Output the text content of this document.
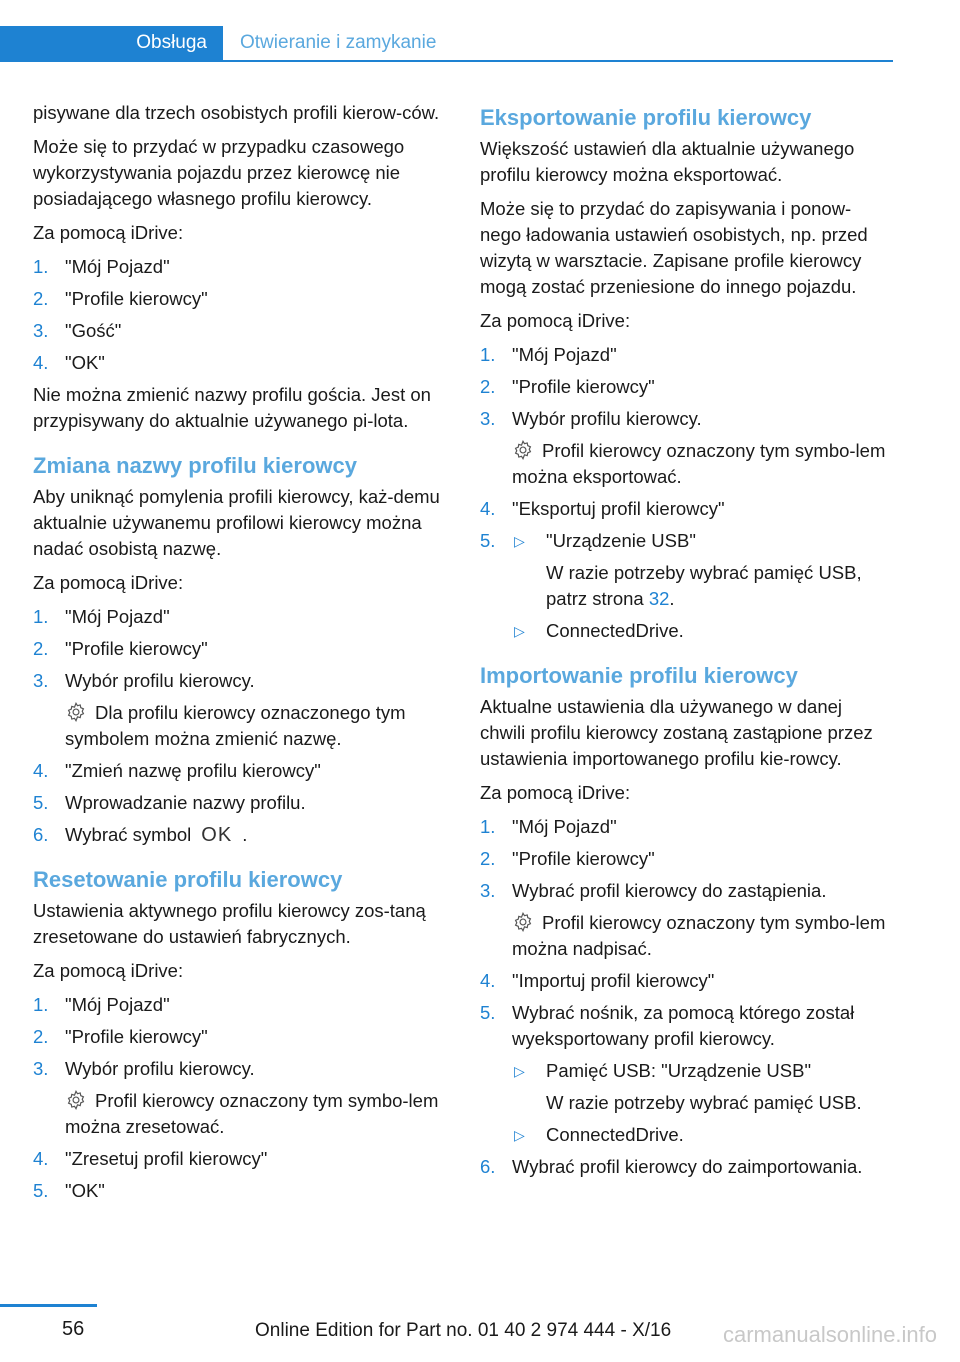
Obsługa	Otwieranie i zamykanie

pisywane dla trzech osobistych profili kierow-ców.

Może się to przydać w przypadku czasowego wykorzystywania pojazdu przez kierowcę nie posiadającego własnego profilu kierowcy.

Za pomocą iDrive:

1. "Mój Pojazd"
2. "Profile kierowcy"
3. "Gość"
4. "OK"

Nie można zmienić nazwy profilu gościa. Jest on przypisywany do aktualnie używanego pi-lota.

Zmiana nazwy profilu kierowcy

Aby uniknąć pomylenia profili kierowcy, każ-demu aktualnie używanemu profilowi kierowcy można nadać osobistą nazwę.

Za pomocą iDrive:

1. "Mój Pojazd"
2. "Profile kierowcy"
3. Wybór profilu kierowcy.
Dla profilu kierowcy oznaczonego tym symbolem można zmienić nazwę.
4. "Zmień nazwę profilu kierowcy"
5. Wprowadzanie nazwy profilu.
6. Wybrać symbol OK .
Resetowanie profilu kierowcy

Ustawienia aktywnego profilu kierowcy zos-taną zresetowane do ustawień fabrycznych.

Za pomocą iDrive:

1. "Mój Pojazd"
2. "Profile kierowcy"
3. Wybór profilu kierowcy.
Profil kierowcy oznaczony tym symbo-lem można zresetować.
4. "Zresetuj profil kierowcy"
5. "OK"
Eksportowanie profilu kierowcy

Większość ustawień dla aktualnie używanego profilu kierowcy można eksportować.

Może się to przydać do zapisywania i ponow-nego ładowania ustawień osobistych, np. przed wizytą w warsztacie. Zapisane profile kierowcy mogą zostać przeniesione do innego pojazdu.

Za pomocą iDrive:

1. "Mój Pojazd"
2. "Profile kierowcy"
3. Wybór profilu kierowcy.
Profil kierowcy oznaczony tym symbo-lem można eksportować.
4. "Eksportuj profil kierowcy"
5. ▷ "Urządzenie USB"
W razie potrzeby wybrać pamięć USB, patrz strona 32.
▷ ConnectedDrive.
Importowanie profilu kierowcy

Aktualne ustawienia dla używanego w danej chwili profilu kierowcy zostaną zastąpione przez ustawienia importowanego profilu kie-rowcy.

Za pomocą iDrive:

1. "Mój Pojazd"
2. "Profile kierowcy"
3. Wybrać profil kierowcy do zastąpienia.
Profil kierowcy oznaczony tym symbo-lem można nadpisać.
4. "Importuj profil kierowcy"
5. Wybrać nośnik, za pomocą którego został wyeksportowany profil kierowcy.
▷ Pamięć USB: "Urządzenie USB"
W razie potrzeby wybrać pamięć USB.
▷ ConnectedDrive.
6. Wybrać profil kierowcy do zaimportowania.
56	Online Edition for Part no. 01 40 2 974 444 - X/16 carmanualsonline.info
